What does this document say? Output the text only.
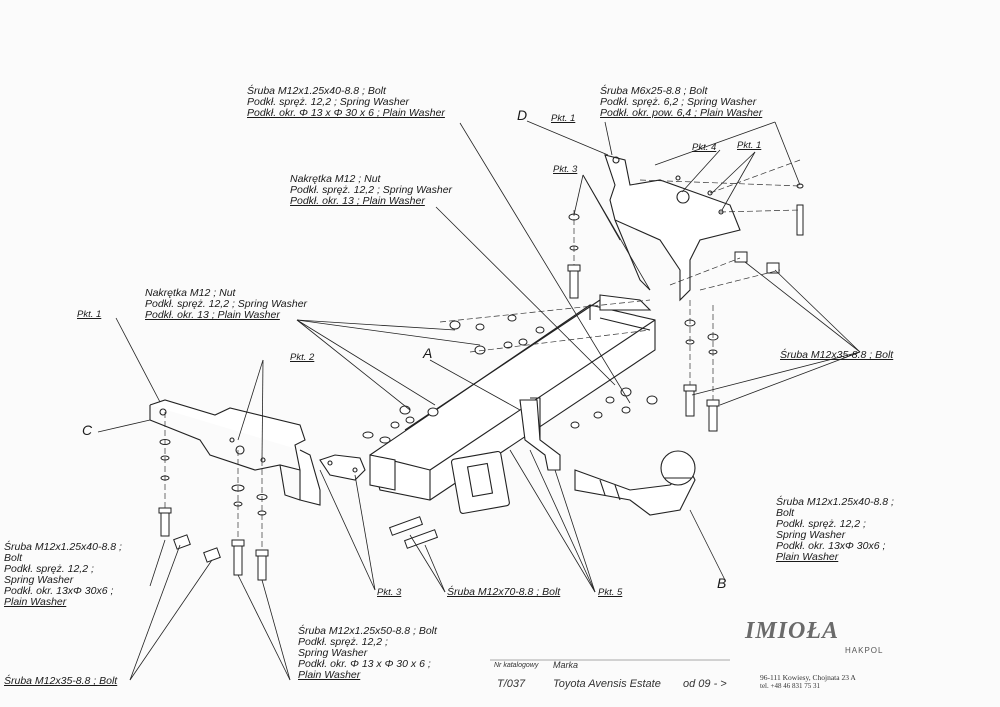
Śruba M12x1.25x40-8.8 ; Bolt
Podkł. spręż. 12,2 ; Spring Washer
Podkł. okr. Φ 13 x Φ 30 x 6 ; Plain Washer
Nakrętka M12 ; Nut
Podkł. spręż. 12,2 ; Spring Washer
Podkł. okr. 13 ; Plain Washer
Nakrętka M12 ; Nut
Podkł. spręż. 12,2 ; Spring Washer
Podkł. okr. 13 ; Plain Washer
Śruba M6x25-8.8 ; Bolt
Podkł. spręż. 6,2 ; Spring Washer
Podkł. okr. pow. 6,4 ; Plain Washer
Śruba M12x35-8.8 ; Bolt
Śruba M12x1.25x40-8.8 ;
Bolt
Podkł. spręż. 12,2 ;
Spring Washer
Podkł. okr. 13xΦ 30x6 ;
Plain Washer
Śruba M12x1.25x40-8.8 ;
Bolt
Podkł. spręż. 12,2 ;
Spring Washer
Podkł. okr. 13xΦ 30x6 ;
Plain Washer
Śruba M12x35-8.8 ; Bolt
Śruba M12x70-8.8 ; Bolt
Śruba M12x1.25x50-8.8 ; Bolt
Podkł. spręż. 12,2 ;
Spring Washer
Podkł. okr. Φ 13 x Φ 30 x 6 ;
Plain Washer
A
B
C
D
Pkt. 1
Pkt. 2
Pkt. 3	Pkt. 5
Pkt. 1
Pkt. 3
Pkt. 4 Pkt. 1
IMIOŁA
HAKPOL
96-111 Kowiesy, Chojnata 23 A
tel. +48 46 831 75 31
Nr katalogowy Marka
T/037	Toyota Avensis Estate od 09 - >
